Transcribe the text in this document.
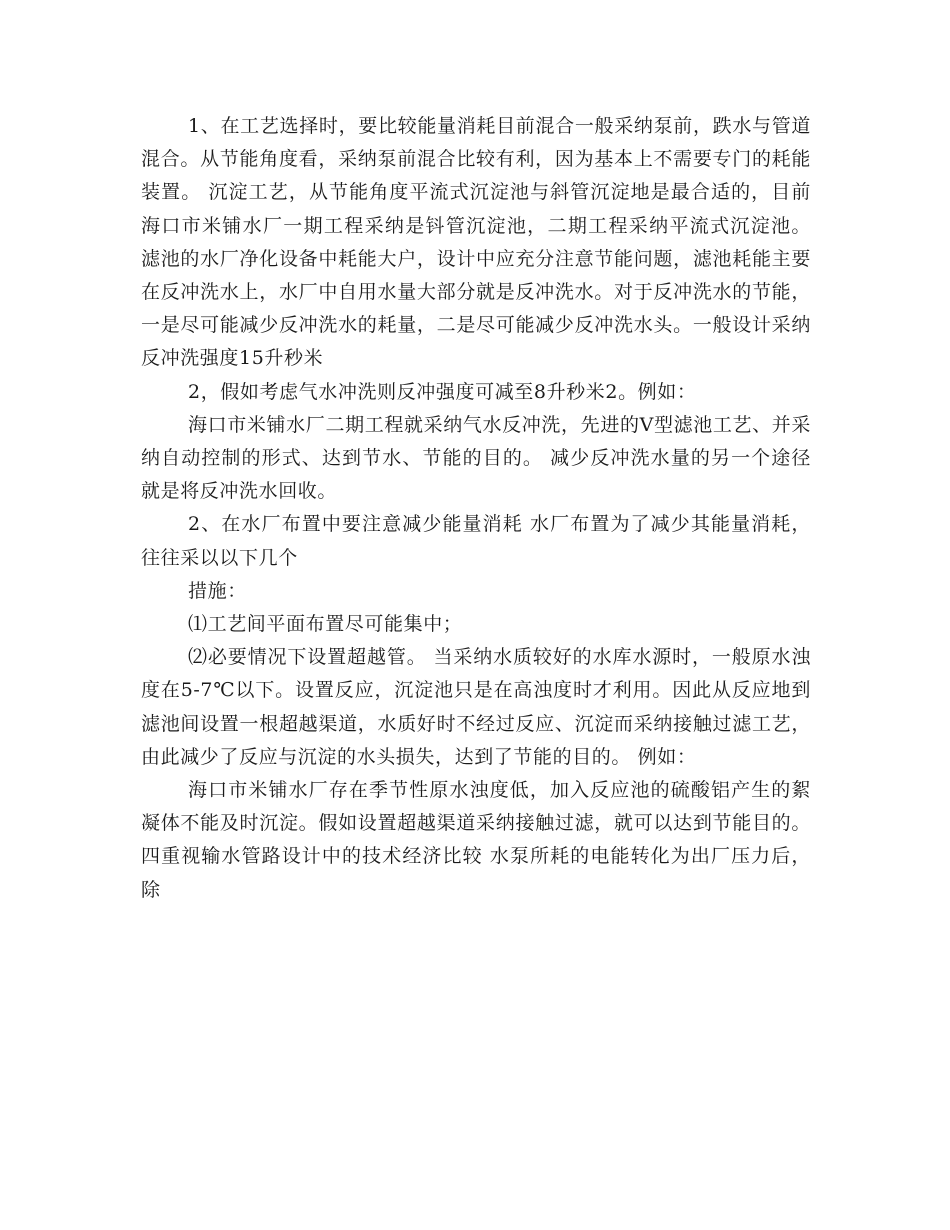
1、在工艺选择时，要比较能量消耗目前混合一般采纳泵前，跌水与管道混合。从节能角度看，采纳泵前混合比较有利，因为基本上不需要专门的耗能装置。 沉淀工艺，从节能角度平流式沉淀池与斜管沉淀地是最合适的，目前海口市米铺水厂一期工程采纳是钭管沉淀池，二期工程采纳平流式沉淀池。 滤池的水厂净化设备中耗能大户，设计中应充分注意节能问题，滤池耗能主要在反冲洗水上，水厂中自用水量大部分就是反冲洗水。对于反冲洗水的节能，一是尽可能减少反冲洗水的耗量，二是尽可能减少反冲洗水头。一般设计采纳反冲洗强度15升秒米

2，假如考虑气水冲洗则反冲强度可减至8升秒米2。例如：

海口市米铺水厂二期工程就采纳气水反冲洗，先进的Ⅴ型滤池工艺、并采纳自动控制的形式、达到节水、节能的目的。 减少反冲洗水量的另一个途径就是将反冲洗水回收。

2、在水厂布置中要注意减少能量消耗 水厂布置为了减少其能量消耗，往往采以以下几个

措施：

⑴工艺间平面布置尽可能集中；

⑵必要情况下设置超越管。 当采纳水质较好的水库水源时，一般原水浊度在5-7℃以下。设置反应，沉淀池只是在高浊度时才利用。因此从反应地到滤池间设置一根超越渠道，水质好时不经过反应、沉淀而采纳接触过滤工艺，由此减少了反应与沉淀的水头损失，达到了节能的目的。 例如：

海口市米铺水厂存在季节性原水浊度低，加入反应池的硫酸铝产生的絮凝体不能及时沉淀。假如设置超越渠道采纳接触过滤，就可以达到节能目的。 四重视输水管路设计中的技术经济比较 水泵所耗的电能转化为出厂压力后，除
